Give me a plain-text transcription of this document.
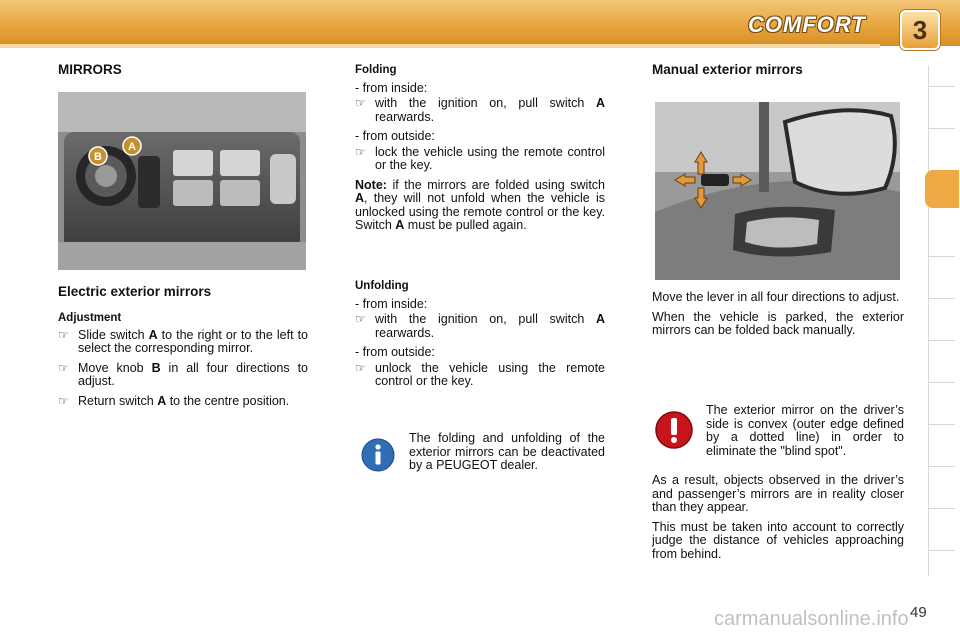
COMFORT	3
MIRRORS
B
A
Electric exterior mirrors
Adjustment
☞ Slide switch A to the right or to the left to select the corresponding mirror.
☞ Move knob B in all four directions to adjust.
☞ Return switch A to the centre position.
Folding
- from inside:
☞ with the ignition on, pull switch A rearwards.
- from outside:
☞ lock the vehicle using the remote control or the key.

Note: if the mirrors are folded using switch A, they will not unfold when the vehicle is unlocked using the remote control or the key. Switch A must be pulled again.

Unfolding
- from inside:
☞ with the ignition on, pull switch A rearwards.
- from outside:
☞ unlock the vehicle using the remote control or the key.

The folding and unfolding of the exterior mirrors can be deactivated by a PEUGEOT dealer.

Manual exterior mirrors

Move the lever in all four directions to adjust.

When the vehicle is parked, the exterior mirrors can be folded back manually.

The exterior mirror on the driver’s side is convex (outer edge defined by a dotted line) in order to eliminate the "blind spot".

As a result, objects observed in the driver’s and passenger’s mirrors are in reality closer than they appear.

This must be taken into account to correctly judge the distance of vehicles approaching from behind.

carmanualsonline.info 49
